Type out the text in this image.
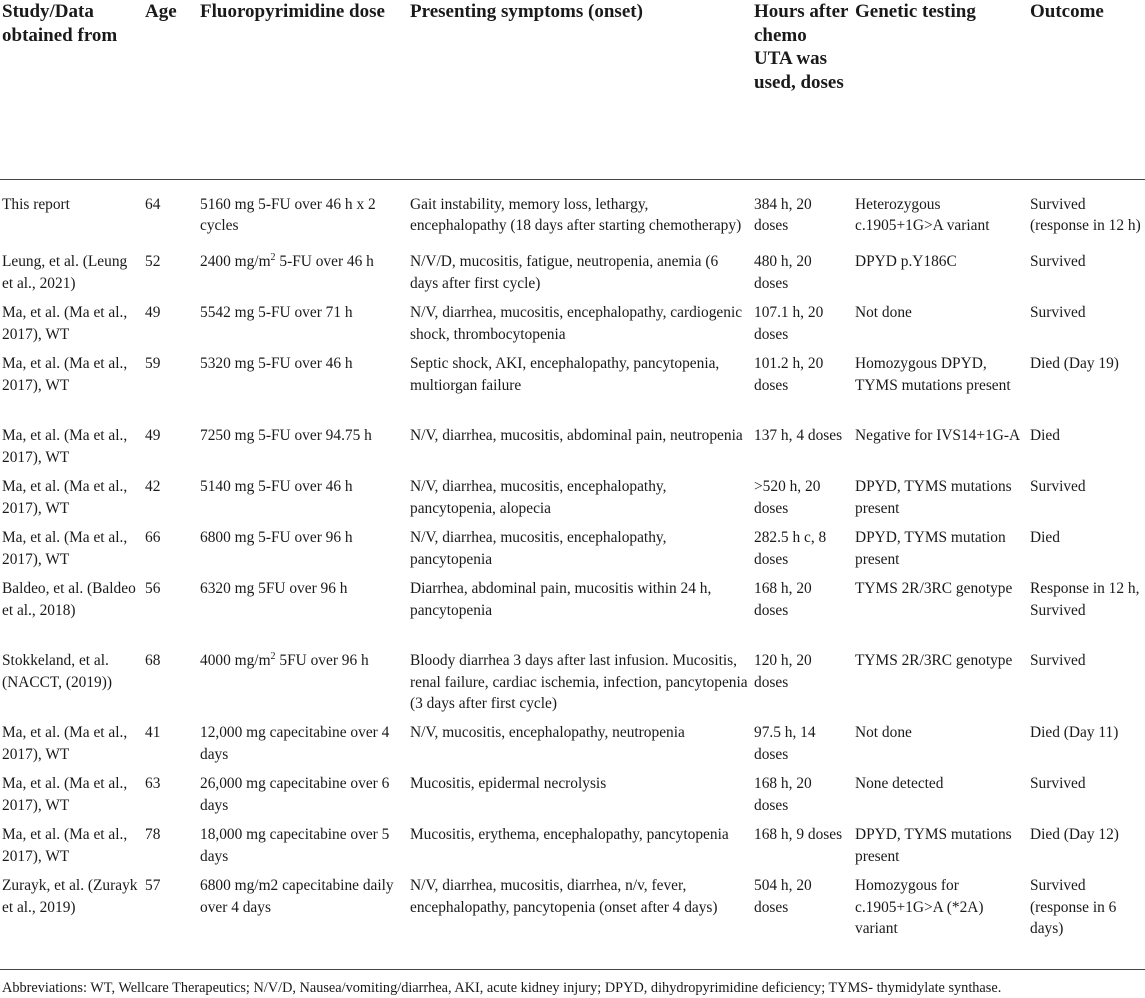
Study/Data obtained from	Age	Fluoropyrimidine dose	Presenting symptoms (onset)	Hours after chemo UTA was used, doses	Genetic testing	Outcome
This report	64	5160 mg 5-FU over 46 h x 2 cycles	Gait instability, memory loss, lethargy, encephalopathy (18 days after starting chemotherapy)	384 h, 20 doses	Heterozygous c.1905+1G>A variant	Survived (response in 12 h)
Leung, et al. (Leung et al., 2021)	52	2400 $mg/m^2$ 5-FU over 46 h	N/V/D, mucositis, fatigue, neutropenia, anemia (6 days after first cycle)	480 h, 20 doses	DPYD p.Y186C	Survived
Ma, et al. (Ma et al., 2017), WT	49	5542 mg 5-FU over 71 h	N/V, diarrhea, mucositis, encephalopathy, cardiogenic shock, thrombocytopenia	107.1 h, 20 doses	Not done	Survived
Ma, et al. (Ma et al., 2017), WT	59	5320 mg 5-FU over 46 h	Septic shock, AKI, encephalopathy, pancytopenia, multiorgan failure	101.2 h, 20 doses	Homozygous DPYD, TYMS mutations present	Died (Day 19)
Ma, et al. (Ma et al., 2017), WT	49	7250 mg 5-FU over 94.75 h	N/V, diarrhea, mucositis, abdominal pain, neutropenia	137 h, 4 doses	Negative for IVS14+1G-A	Died
Ma, et al. (Ma et al., 2017), WT	42	5140 mg 5-FU over 46 h	N/V, diarrhea, mucositis, encephalopathy, pancytopenia, alopecia	>520 h, 20 doses	DPYD, TYMS mutations present	Survived
Ma, et al. (Ma et al., 2017), WT	66	6800 mg 5-FU over 96 h	N/V, diarrhea, mucositis, encephalopathy, pancytopenia	282.5 h c, 8 doses	DPYD, TYMS mutation present	Died
Baldeo, et al. (Baldeo et al., 2018)	56	6320 mg 5FU over 96 h	Diarrhea, abdominal pain, mucositis within 24 h, pancytopenia	168 h, 20 doses	TYMS 2R/3RC genotype	Response in 12 h, Survived
Stokkeland, et al. (NACCT, (2019))	68	4000 $mg/m^2$ 5FU over 96 h	Bloody diarrhea 3 days after last infusion. Mucositis, renal failure, cardiac ischemia, infection, pancytopenia (3 days after first cycle)	120 h, 20 doses	TYMS 2R/3RC genotype	Survived
Ma, et al. (Ma et al., 2017), WT	41	12,000 mg capecitabine over 4 days	N/V, mucositis, encephalopathy, neutropenia	97.5 h, 14 doses	Not done	Died (Day 11)
Ma, et al. (Ma et al., 2017), WT	63	26,000 mg capecitabine over 6 days	Mucositis, epidermal necrolysis	168 h, 20 doses	None detected	Survived
Ma, et al. (Ma et al., 2017), WT	78	18,000 mg capecitabine over 5 days	Mucositis, erythema, encephalopathy, pancytopenia	168 h, 9 doses	DPYD, TYMS mutations present	Died (Day 12)
Zurayk, et al. (Zurayk et al., 2019)	57	6800 mg/m2 capecitabine daily over 4 days	N/V, diarrhea, mucositis, diarrhea, n/v, fever, encephalopathy, pancytopenia (onset after 4 days)	504 h, 20 doses	Homozygous for c.1905+1G>A (*2A) variant	Survived (response in 6 days)
Abbreviations: WT, Wellcare Therapeutics; N/V/D, Nausea/vomiting/diarrhea, AKI, acute kidney injury; DPYD, dihydropyrimidine deficiency; TYMS- thymidylate synthase.
